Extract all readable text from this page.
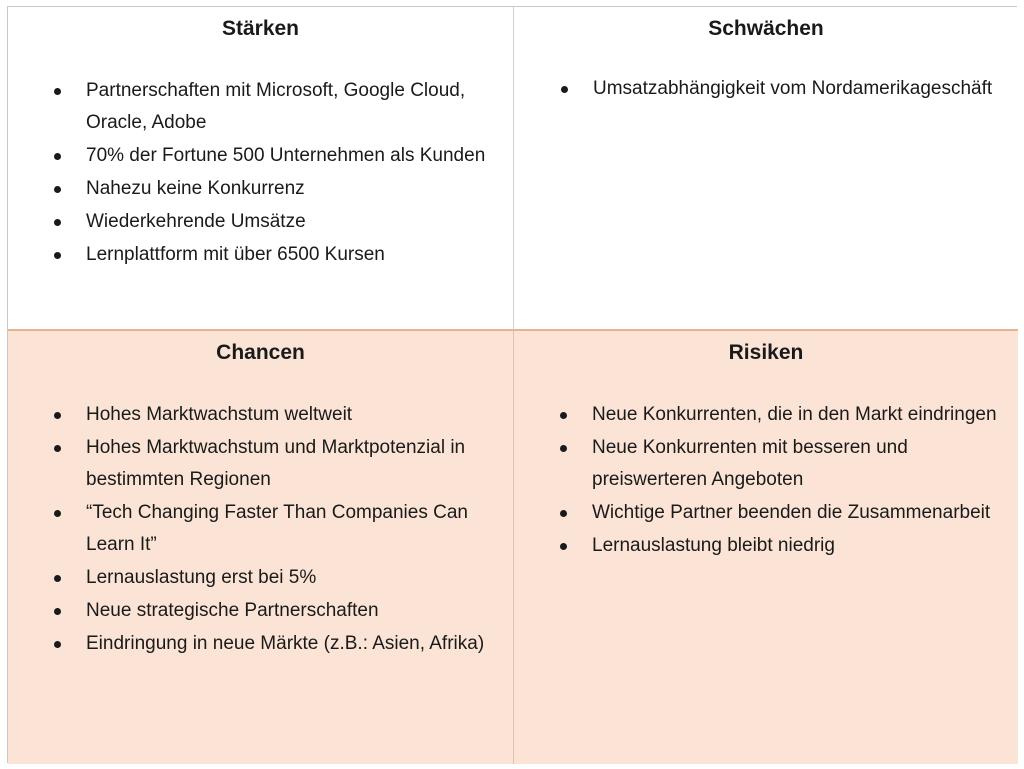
Stärken
Partnerschaften mit Microsoft, Google Cloud, Oracle, Adobe
70% der Fortune 500 Unternehmen als Kunden
Nahezu keine Konkurrenz
Wiederkehrende Umsätze
Lernplattform mit über 6500 Kursen
Schwächen
Umsatzabhängigkeit vom Nordamerikageschäft
Chancen
Hohes Marktwachstum weltweit
Hohes Marktwachstum und Marktpotenzial in bestimmten Regionen
“Tech Changing Faster Than Companies Can Learn It”
Lernauslastung erst bei 5%
Neue strategische Partnerschaften
Eindringung in neue Märkte (z.B.: Asien, Afrika)
Risiken
Neue Konkurrenten, die in den Markt eindringen
Neue Konkurrenten mit besseren und preiswerteren Angeboten
Wichtige Partner beenden die Zusammenarbeit
Lernauslastung bleibt niedrig
